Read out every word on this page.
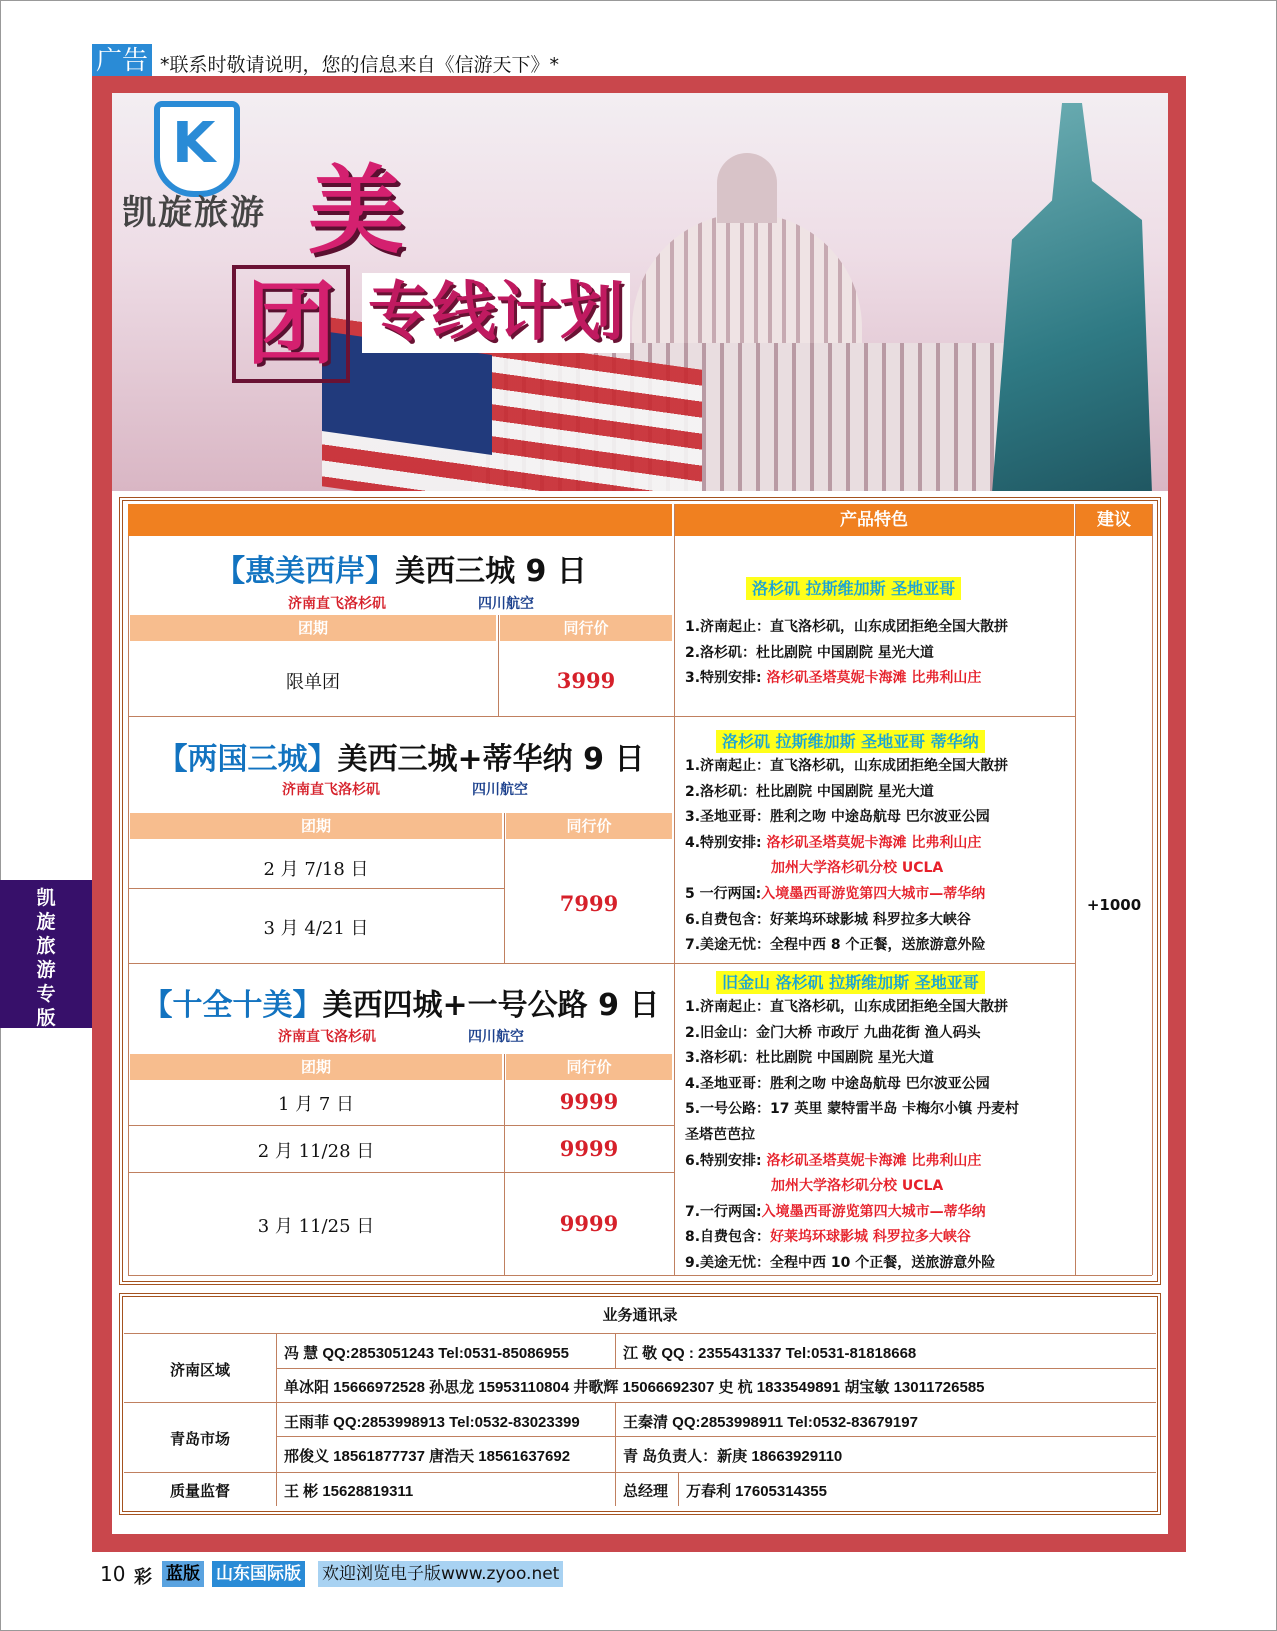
广告 *联系时敬请说明，您的信息来自《信游天下》*
K
凯旋旅游 美
团 专线计划
产品特色	建议
【惠美西岸】美西三城 9 日
济南直飞洛杉矶	四川航空
团期	同行价
限单团	3999
洛杉矶 拉斯维加斯 圣地亚哥
1.济南起止：直飞洛杉矶，山东成团拒绝全国大散拼
2.洛杉矶：杜比剧院 中国剧院 星光大道
3.特别安排: 洛杉矶圣塔莫妮卡海滩 比弗利山庄
【两国三城】美西三城+蒂华纳 9 日
济南直飞洛杉矶	四川航空
团期	同行价
2 月 7/18 日
3 月 4/21 日
7999
洛杉矶 拉斯维加斯 圣地亚哥 蒂华纳
1.济南起止：直飞洛杉矶，山东成团拒绝全国大散拼
2.洛杉矶：杜比剧院 中国剧院 星光大道
3.圣地亚哥：胜利之吻 中途岛航母 巴尔波亚公园
4.特别安排: 洛杉矶圣塔莫妮卡海滩 比弗利山庄
加州大学洛杉矶分校 UCLA
5 一行两国:入境墨西哥游览第四大城市—蒂华纳
6.自费包含：好莱坞环球影城 科罗拉多大峡谷
7.美途无忧：全程中西 8 个正餐，送旅游意外险
+1000
【十全十美】美西四城+一号公路 9 日
济南直飞洛杉矶	四川航空
团期	同行价
1 月 7 日	9999
2 月 11/28 日	9999
3 月 11/25 日	9999
旧金山 洛杉矶 拉斯维加斯 圣地亚哥
1.济南起止：直飞洛杉矶，山东成团拒绝全国大散拼
2.旧金山：金门大桥 市政厅 九曲花街 渔人码头
3.洛杉矶：杜比剧院 中国剧院 星光大道
4.圣地亚哥：胜利之吻 中途岛航母 巴尔波亚公园
5.一号公路：17 英里 蒙特雷半岛 卡梅尔小镇 丹麦村
圣塔芭芭拉
6.特别安排: 洛杉矶圣塔莫妮卡海滩 比弗利山庄
加州大学洛杉矶分校 UCLA
7.一行两国:入境墨西哥游览第四大城市—蒂华纳
8.自费包含：好莱坞环球影城 科罗拉多大峡谷
9.美途无忧：全程中西 10 个正餐，送旅游意外险
业务通讯录
济南区域
冯 慧 QQ:2853051243 Tel:0531-85086955	江 敬 QQ : 2355431337 Tel:0531-81818668
单冰阳 15666972528 孙思龙 15953110804 井歌辉 15066692307 史 杭 1833549891 胡宝敏 13011726585
青岛市场
王雨菲 QQ:2853998913 Tel:0532-83023399	王秦清 QQ:2853998911 Tel:0532-83679197
邢俊义 18561877737 唐浩天 18561637692	青 岛负责人：新庚 18663929110
质量监督	王 彬 15628819311	总经理 万春利 17605314355
凯
旋
旅
游
专
版
10 彩 蓝版 山东国际版 欢迎浏览电子版www.zyoo.net
